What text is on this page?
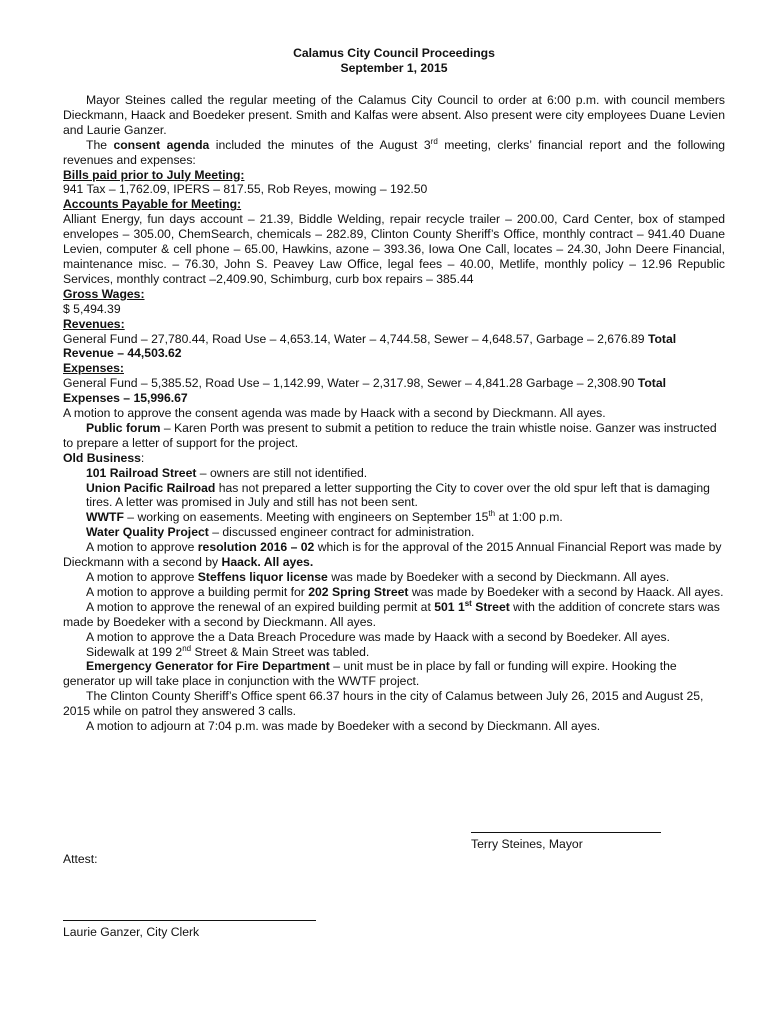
Calamus City Council Proceedings
September 1, 2015

Mayor Steines called the regular meeting of the Calamus City Council to order at 6:00 p.m. with council members Dieckmann, Haack and Boedeker present. Smith and Kalfas were absent. Also present were city employees Duane Levien and Laurie Ganzer.

The consent agenda included the minutes of the August 3rd meeting, clerks’ financial report and the following revenues and expenses:

Bills paid prior to July Meeting:

941 Tax – 1,762.09, IPERS – 817.55, Rob Reyes, mowing – 192.50

Accounts Payable for Meeting:

Alliant Energy, fun days account – 21.39, Biddle Welding, repair recycle trailer – 200.00, Card Center, box of stamped envelopes – 305.00, ChemSearch, chemicals – 282.89, Clinton County Sheriff’s Office, monthly contract – 941.40 Duane Levien, computer & cell phone – 65.00, Hawkins, azone – 393.36, Iowa One Call, locates – 24.30, John Deere Financial, maintenance misc. – 76.30, John S. Peavey Law Office, legal fees – 40.00, Metlife, monthly policy – 12.96 Republic Services, monthly contract –2,409.90, Schimburg, curb box repairs – 385.44

Gross Wages:

$ 5,494.39

Revenues:

General Fund – 27,780.44, Road Use – 4,653.14, Water – 4,744.58, Sewer – 4,648.57, Garbage – 2,676.89 Total Revenue – 44,503.62

Expenses:

General Fund – 5,385.52, Road Use – 1,142.99, Water – 2,317.98, Sewer – 4,841.28 Garbage – 2,308.90 Total Expenses – 15,996.67

A motion to approve the consent agenda was made by Haack with a second by Dieckmann. All ayes.

Public forum – Karen Porth was present to submit a petition to reduce the train whistle noise. Ganzer was instructed to prepare a letter of support for the project.

Old Business:

101 Railroad Street – owners are still not identified.

Union Pacific Railroad has not prepared a letter supporting the City to cover over the old spur left that is damaging tires. A letter was promised in July and still has not been sent.

WWTF – working on easements. Meeting with engineers on September 15th at 1:00 p.m.

Water Quality Project – discussed engineer contract for administration.

A motion to approve resolution 2016 – 02 which is for the approval of the 2015 Annual Financial Report was made by Dieckmann with a second by Haack. All ayes.

A motion to approve Steffens liquor license was made by Boedeker with a second by Dieckmann. All ayes.

A motion to approve a building permit for 202 Spring Street was made by Boedeker with a second by Haack. All ayes.

A motion to approve the renewal of an expired building permit at 501 1st Street with the addition of concrete stars was made by Boedeker with a second by Dieckmann. All ayes.

A motion to approve the a Data Breach Procedure was made by Haack with a second by Boedeker. All ayes.

Sidewalk at 199 2nd Street & Main Street was tabled.

Emergency Generator for Fire Department – unit must be in place by fall or funding will expire. Hooking the generator up will take place in conjunction with the WWTF project.

The Clinton County Sheriff’s Office spent 66.37 hours in the city of Calamus between July 26, 2015 and August 25, 2015 while on patrol they answered 3 calls.

A motion to adjourn at 7:04 p.m. was made by Boedeker with a second by Dieckmann. All ayes.

Terry Steines, Mayor
Attest:
Laurie Ganzer, City Clerk
